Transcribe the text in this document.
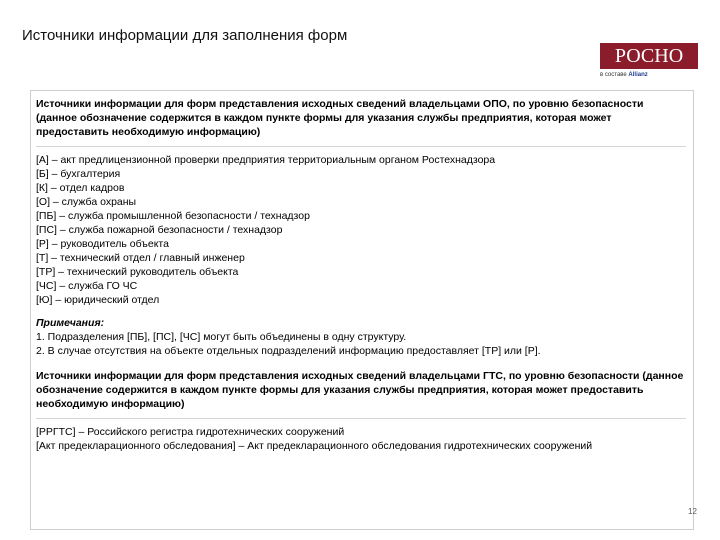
Источники информации для заполнения форм
РОСНО
в составе Allianz

Источники информации для форм представления исходных сведений владельцами ОПО, по уровню безопасности (данное обозначение содержится в каждом пункте формы для указания службы предприятия, которая может предоставить необходимую информацию)

[А] – акт предлицензионной проверки предприятия территориальным органом Ростехнадзора

[Б] – бухгалтерия

[К] – отдел кадров

[О] – служба охраны

[ПБ] – служба промышленной безопасности / технадзор

[ПС] – служба пожарной безопасности / технадзор

[Р] – руководитель объекта

[Т] – технический отдел / главный инженер

[ТР] – технический руководитель объекта

[ЧС] – служба ГО ЧС

[Ю] – юридический отдел

Примечания:

1. Подразделения [ПБ], [ПС], [ЧС] могут быть объединены в одну структуру.

2. В случае отсутствия на объекте отдельных подразделений информацию предоставляет [ТР] или [Р].

Источники информации для форм представления исходных сведений владельцами ГТС, по уровню безопасности (данное обозначение содержится в каждом пункте формы для указания службы предприятия, которая может предоставить необходимую информацию)

[РРГТС] – Российского регистра гидротехнических сооружений

[Акт предекларационного обследования] – Акт предекларационного обследования гидротехнических сооружений

12
